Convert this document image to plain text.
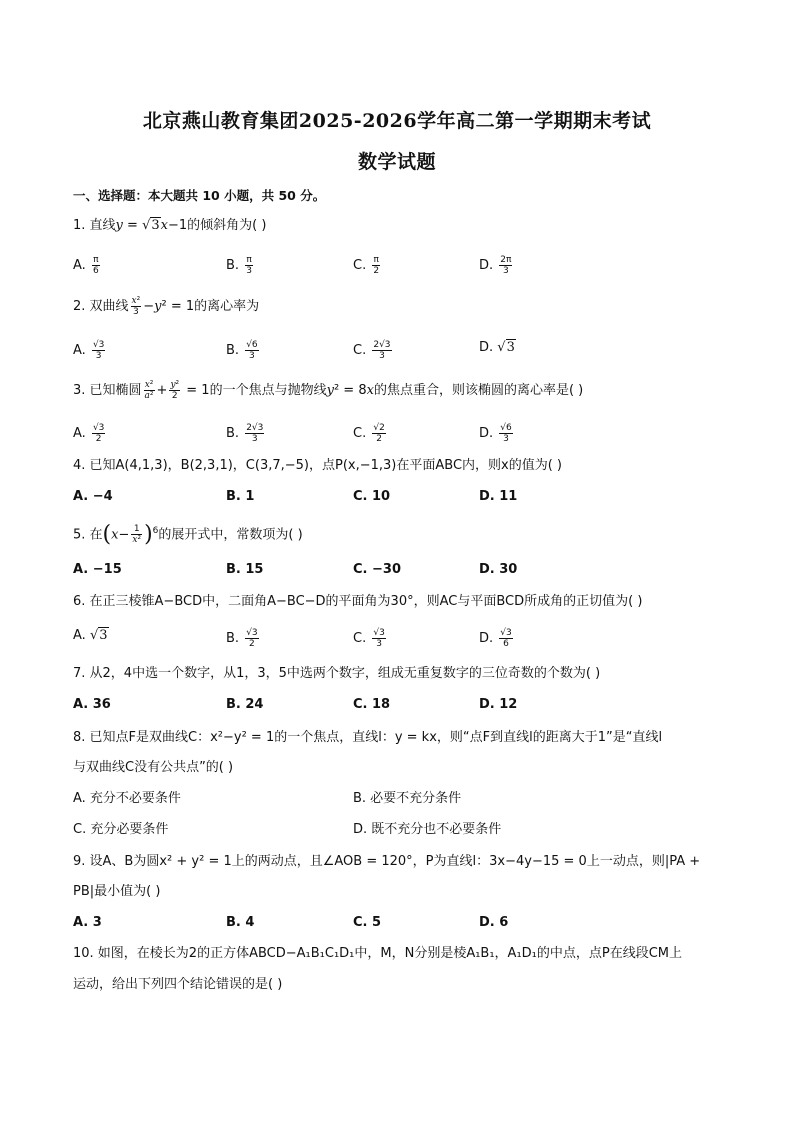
北京燕山教育集团2025-2026学年高二第一学期期末考试
数学试题
一、选择题：本大题共 10 小题，共 50 分。
1. 直线y = √3x−1的倾斜角为( )
A. $\frac{\pi}{6}$	B. $\frac{\pi}{3}$	C. $\frac{\pi}{2}$	D. $\frac{2\pi}{3}$
2. 双曲线 $\frac{\text{x²}}{3} -y^2 = 1$的离心率为
A. $\frac{√3}{3}$	B. $\frac{√6}{3}$	C. $\frac{2√3}{3}$	D. √3
3. 已知椭圆 $\frac{\text{x²}}{\text{a²}} + \frac{\text{y²}}{2} = 1$的一个焦点与抛物线y² = 8x的焦点重合，则该椭圆的离心率是( )
A. $\frac{√3}{2}$	B. $\frac{2√3}{3}$	C. $\frac{√2}{2}$	D. $\frac{√6}{3}$
4. 已知A(4,1,3)，B(2,3,1)，C(3,7,−5)，点P(x,−1,3)在平面ABC内，则x的值为( )
A. −4	B. 1	C. 10	D. 11
5. 在$(x- \frac{1}{\text{x²}} )^6$的展开式中，常数项为( )
A. −15	B. 15	C. −30	D. 30
6. 在正三棱锥A−BCD中，二面角A−BC−D的平面角为30°，则AC与平面BCD所成角的正切值为( )
A. √3	B. $\frac{√3}{2}$	C. $\frac{√3}{3}$	D. $\frac{√3}{6}$
7. 从2，4中选一个数字，从1，3，5中选两个数字，组成无重复数字的三位奇数的个数为( )
A. 36	B. 24	C. 18	D. 12
8. 已知点F是双曲线C：x²−y² = 1的一个焦点，直线l：y = kx，则“点F到直线l的距离大于1”是“直线l
与双曲线C没有公共点”的( )
A. 充分不必要条件	B. 必要不充分条件
C. 充分必要条件	D. 既不充分也不必要条件
9. 设A、B为圆x² + y² = 1上的两动点，且∠AOB = 120°，P为直线l：3x−4y−15 = 0上一动点，则|PA +
PB|最小值为( )
A. 3	B. 4	C. 5	D. 6
10. 如图，在棱长为2的正方体ABCD−A₁B₁C₁D₁中，M，N分别是棱A₁B₁，A₁D₁的中点，点P在线段CM上
运动，给出下列四个结论错误的是( )
